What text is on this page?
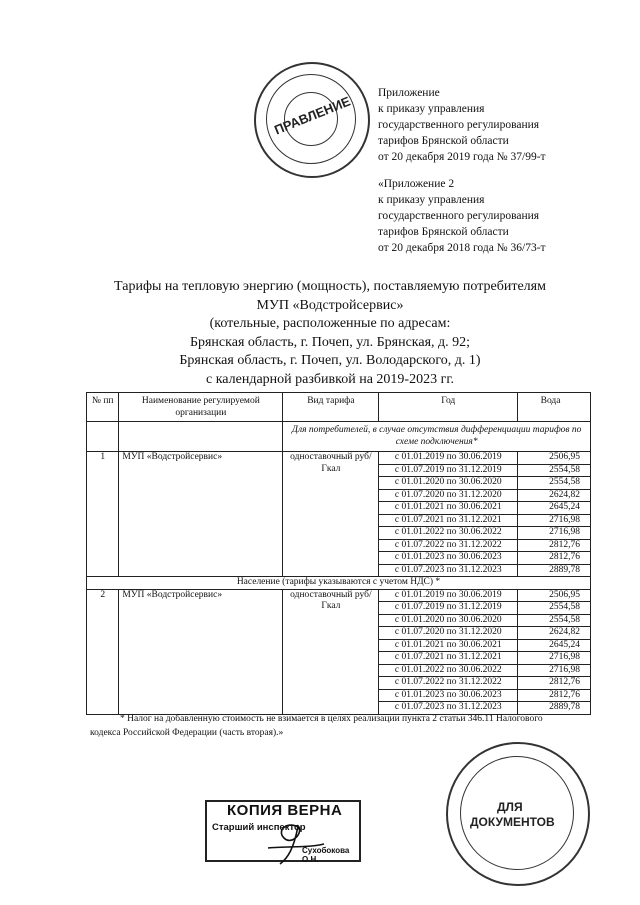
ПРАВЛЕНИЕ
Приложение
к приказу управления
государственного регулирования
тарифов Брянской области
от 20 декабря 2019 года № 37/99-т
«Приложение 2
к приказу управления
государственного регулирования
тарифов Брянской области
от 20 декабря 2018 года № 36/73-т
Тарифы на тепловую энергию (мощность), поставляемую потребителям
МУП «Водстройсервис»
(котельные, расположенные по адресам:
Брянская область, г. Почеп, ул. Брянская, д. 92;
Брянская область, г. Почеп, ул. Володарского, д. 1)
с календарной разбивкой на 2019-2023 гг.
№ пп	Наименование регулируемой организации	Вид тарифа	Год	Вода
		Для потребителей, в случае отсутствия дифференциации тарифов по схеме подключения*		
1	МУП «Водстройсервис»	одноставочный руб/Гкал	с 01.01.2019 по 30.06.2019	2506,95
			с 01.07.2019 по 31.12.2019	2554,58
			с 01.01.2020 по 30.06.2020	2554,58
			с 01.07.2020 по 31.12.2020	2624,82
			с 01.01.2021 по 30.06.2021	2645,24
			с 01.07.2021 по 31.12.2021	2716,98
			с 01.01.2022 по 30.06.2022	2716,98
			с 01.07.2022 по 31.12.2022	2812,76
			с 01.01.2023 по 30.06.2023	2812,76
			с 01.07.2023 по 31.12.2023	2889,78
Население (тарифы указываются с учетом НДС) *				
2	МУП «Водстройсервис»	одноставочный руб/Гкал	с 01.01.2019 по 30.06.2019	2506,95
			с 01.07.2019 по 31.12.2019	2554,58
			с 01.01.2020 по 30.06.2020	2554,58
			с 01.07.2020 по 31.12.2020	2624,82
			с 01.01.2021 по 30.06.2021	2645,24
			с 01.07.2021 по 31.12.2021	2716,98
			с 01.01.2022 по 30.06.2022	2716,98
			с 01.07.2022 по 31.12.2022	2812,76
			с 01.01.2023 по 30.06.2023	2812,76
			с 01.07.2023 по 31.12.2023	2889,78
* Налог на добавленную стоимость не взимается в целях реализации пункта 2 статьи 346.11 Налогового
кодекса Российской Федерации (часть вторая).»
КОПИЯ ВЕРНА
Старший инспектор
Сухобокова О.Н.
ДЛЯ
ДОКУМЕНТОВ
